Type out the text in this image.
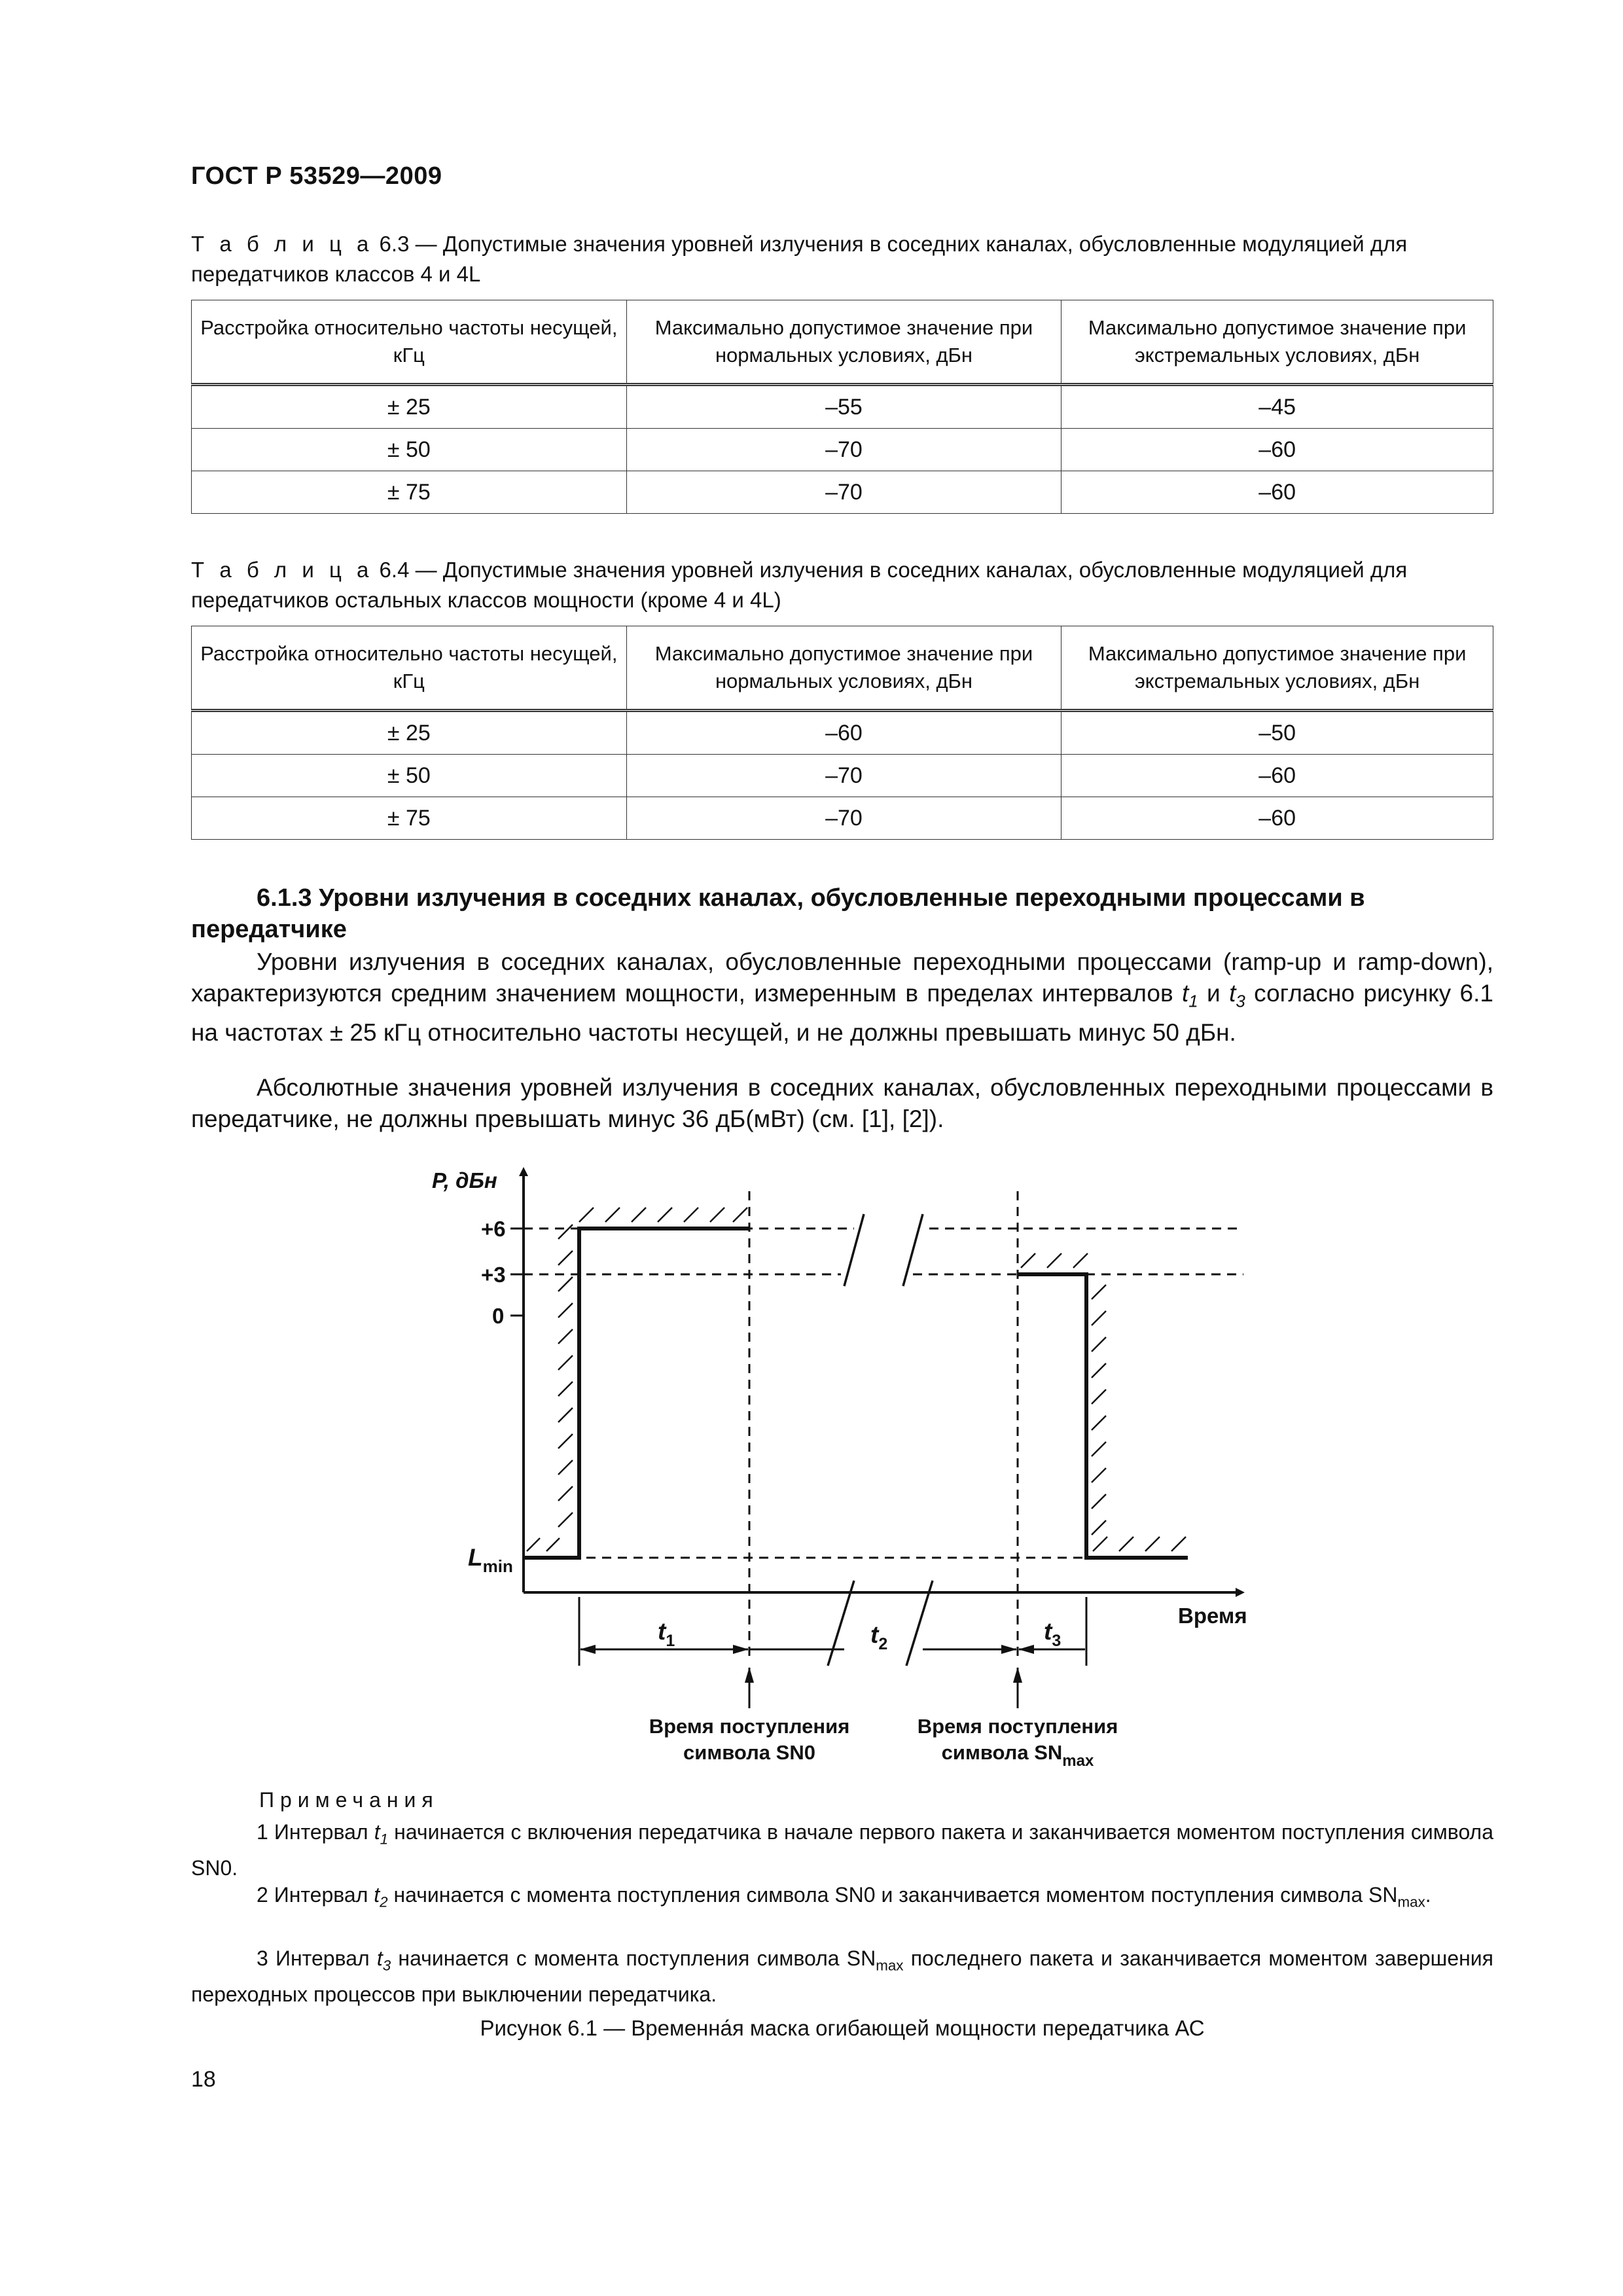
ГОСТ Р 53529—2009
Т а б л и ц а 6.3 — Допустимые значения уровней излучения в соседних каналах, обусловленные модуляцией для передатчиков классов 4 и 4L
Расстройка относительно частоты несущей, кГц	Максимально допустимое значение при нормальных условиях, дБн	Максимально допустимое значение при экстремальных условиях, дБн
± 25	–55	–45
± 50	–70	–60
± 75	–70	–60
Т а б л и ц а 6.4 — Допустимые значения уровней излучения в соседних каналах, обусловленные модуляцией для передатчиков остальных классов мощности (кроме 4 и 4L)
Расстройка относительно частоты несущей, кГц	Максимально допустимое значение при нормальных условиях, дБн	Максимально допустимое значение при экстремальных условиях, дБн
± 25	–60	–50
± 50	–70	–60
± 75	–70	–60
6.1.3 Уровни излучения в соседних каналах, обусловленные переходными процессами в передатчике
Уровни излучения в соседних каналах, обусловленные переходными процессами (ramp-up и ramp-down), характеризуются средним значением мощности, измеренным в пределах интервалов $t_1$ и $t_3$ согласно рисунку 6.1 на частотах ± 25 кГц относительно частоты несущей, и не должны превышать минус 50 дБн.
Абсолютные значения уровней излучения в соседних каналах, обусловленных переходными процессами в передатчике, не должны превышать минус 36 дБ(мВт) (см. [1], [2]).
P, дБн
+6
+3
0
$L_{min}$
Время
$t_1$	$t_2$	$t_3$
Время поступления
символа SN0
Время поступления
символа $SN_{max}$
Примечания
1 Интервал $t_1$ начинается с включения передатчика в начале первого пакета и заканчивается моментом поступления символа SN0.
2 Интервал $t_2$ начинается с момента поступления символа SN0 и заканчивается моментом поступления символа $SN_{max}$.
3 Интервал $t_3$ начинается с момента поступления символа $SN_{max}$ последнего пакета и заканчивается моментом завершения переходных процессов при выключении передатчика.
Рисунок 6.1 — Временна́я маска огибающей мощности передатчика АС
18
